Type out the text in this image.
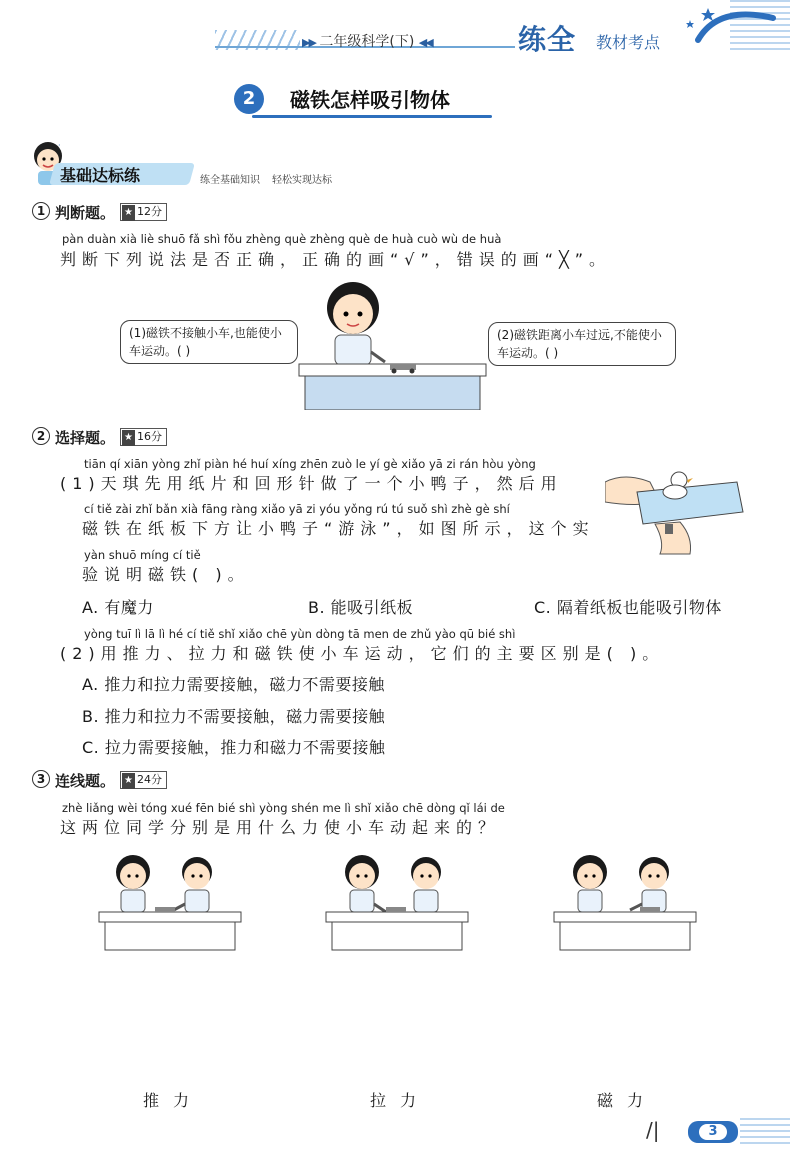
▶▶ 二年级科学(下) ◀◀	练全 教材考点
2	磁铁怎样吸引物体
·
基础达标练	练全基础知识 轻松实现达标
1 判断题。 ★ 12分
pàn duàn xià liè shuō fǎ shì fǒu zhèng què zhèng què de huà cuò wù de huà
判断下列说法是否正确，正确的画“√”，错误的画“╳”。
(1)磁铁不接触小车,也能使小车运动。( )
(2)磁铁距离小车过远,不能使小车运动。( )
2 选择题。 ★ 16分
tiān qí xiān yòng zhǐ piàn hé huí xíng zhēn zuò le yí gè xiǎo yā zi rán hòu yòng
(1)天琪先用纸片和回形针做了一个小鸭子，然后用
cí tiě zài zhǐ bǎn xià fāng ràng xiǎo yā zi yóu yǒng rú tú suǒ shì zhè gè shí
磁铁在纸板下方让小鸭子“游泳”，如图所示，这个实
yàn shuō míng cí tiě
验说明磁铁( )。
A. 有魔力	B. 能吸引纸板	C. 隔着纸板也能吸引物体
yòng tuī lì lā lì hé cí tiě shǐ xiǎo chē yùn dòng tā men de zhǔ yào qū bié shì
(2)用推力、拉力和磁铁使小车运动，它们的主要区别是( )。
A. 推力和拉力需要接触，磁力不需要接触
B. 推力和拉力不需要接触，磁力需要接触
C. 拉力需要接触，推力和磁力不需要接触
3 连线题。 ★ 24分
zhè liǎng wèi tóng xué fēn bié shì yòng shén me lì shǐ xiǎo chē dòng qǐ lái de
这两位同学分别是用什么力使小车动起来的？
推力	拉力	磁力
/|	3
